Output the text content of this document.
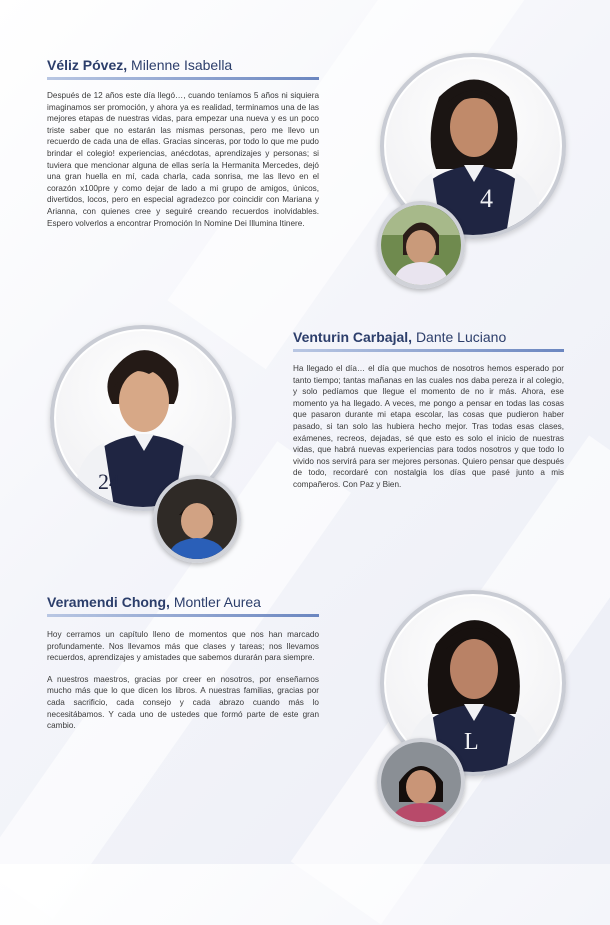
Véliz Póvez, Milenne Isabella

Después de 12 años este día llegó…, cuando teníamos 5 años ni siquiera imaginamos ser promoción, y ahora ya es realidad, terminamos una de las mejores etapas de nuestras vidas, para empezar una nueva y es un poco triste saber que no estarán las mismas personas, pero me llevo un recuerdo de cada una de ellas. Gracias sinceras, por todo lo que me pudo brindar el colegio! experiencias, anécdotas, aprendizajes y personas; si tuviera que mencionar alguna de ellas sería la Hermanita Mercedes, dejó una gran huella en mí, cada charla, cada sonrisa, me las llevo en el corazón x100pre y como dejar de lado a mi grupo de amigos, únicos, divertidos, locos, pero en especial agradezco por coincidir con Mariana y Arianna, con quienes cree y seguiré creando recuerdos inolvidables. Espero volverlos a encontrar Promoción In Nomine Dei Illumina Itinere.

4
Venturin Carbajal, Dante Luciano

Ha llegado el día… el día que muchos de nosotros hemos esperado por tanto tiempo; tantas mañanas en las cuales nos daba pereza ir al colegio, y solo pedíamos que llegue el momento de no ir más. Ahora, ese momento ya ha llegado. A veces, me pongo a pensar en todas las cosas que pasaron durante mi etapa escolar, las cosas que pudieron haber pasado, si tan solo las hubiera hecho mejor. Tras todas esas clases, exámenes, recreos, dejadas, sé que esto es solo el inicio de nuestras vidas, que habrá nuevas experiencias para todos nosotros y que todo lo vivido nos servirá para ser mejores personas. Quiero pensar que después de todo, recordaré con nostalgia los días que pasé junto a mis compañeros. Con Paz y Bien.

24
Veramendi Chong, Montler Aurea

Hoy cerramos un capítulo lleno de momentos que nos han marcado profundamente. Nos llevamos más que clases y tareas; nos llevamos recuerdos, aprendizajes y amistades que sabemos durarán para siempre.

A nuestros maestros, gracias por creer en nosotros, por enseñarnos mucho más que lo que dicen los libros. A nuestras familias, gracias por cada sacrificio, cada consejo y cada abrazo cuando más lo necesitábamos. Y cada uno de ustedes que formó parte de este gran cambio.

L
